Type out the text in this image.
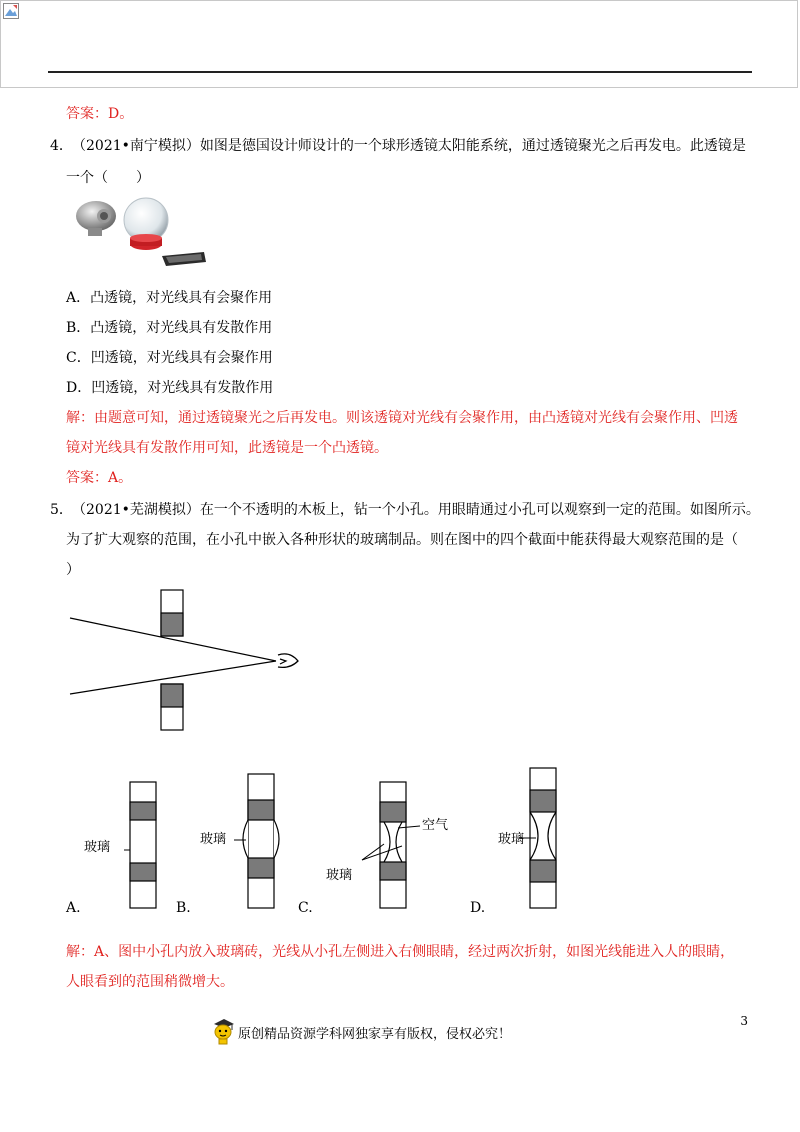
答案：D。
4． （2021•南宁模拟）如图是德国设计师设计的一个球形透镜太阳能系统，通过透镜聚光之后再发电。此透镜是
一个（　　）
A．凸透镜，对光线具有会聚作用
B．凸透镜，对光线具有发散作用
C．凹透镜，对光线具有会聚作用
D．凹透镜，对光线具有发散作用
解：由题意可知，通过透镜聚光之后再发电。则该透镜对光线有会聚作用，由凸透镜对光线有会聚作用、凹透
镜对光线具有发散作用可知，此透镜是一个凸透镜。
答案：A。
5． （2021•芜湖模拟）在一个不透明的木板上，钻一个小孔。用眼睛通过小孔可以观察到一定的范围。如图所示。
为了扩大观察的范围，在小孔中嵌入各种形状的玻璃制品。则在图中的四个截面中能获得最大观察范围的是（
）
玻璃
玻璃
空气
玻璃
玻璃
A.	B.	C.	D.
解：A、图中小孔内放入玻璃砖，光线从小孔左侧进入右侧眼睛，经过两次折射，如图光线能进入人的眼睛，
人眼看到的范围稍微增大。
3
原创精品资源学科网独家享有版权，侵权必究！
